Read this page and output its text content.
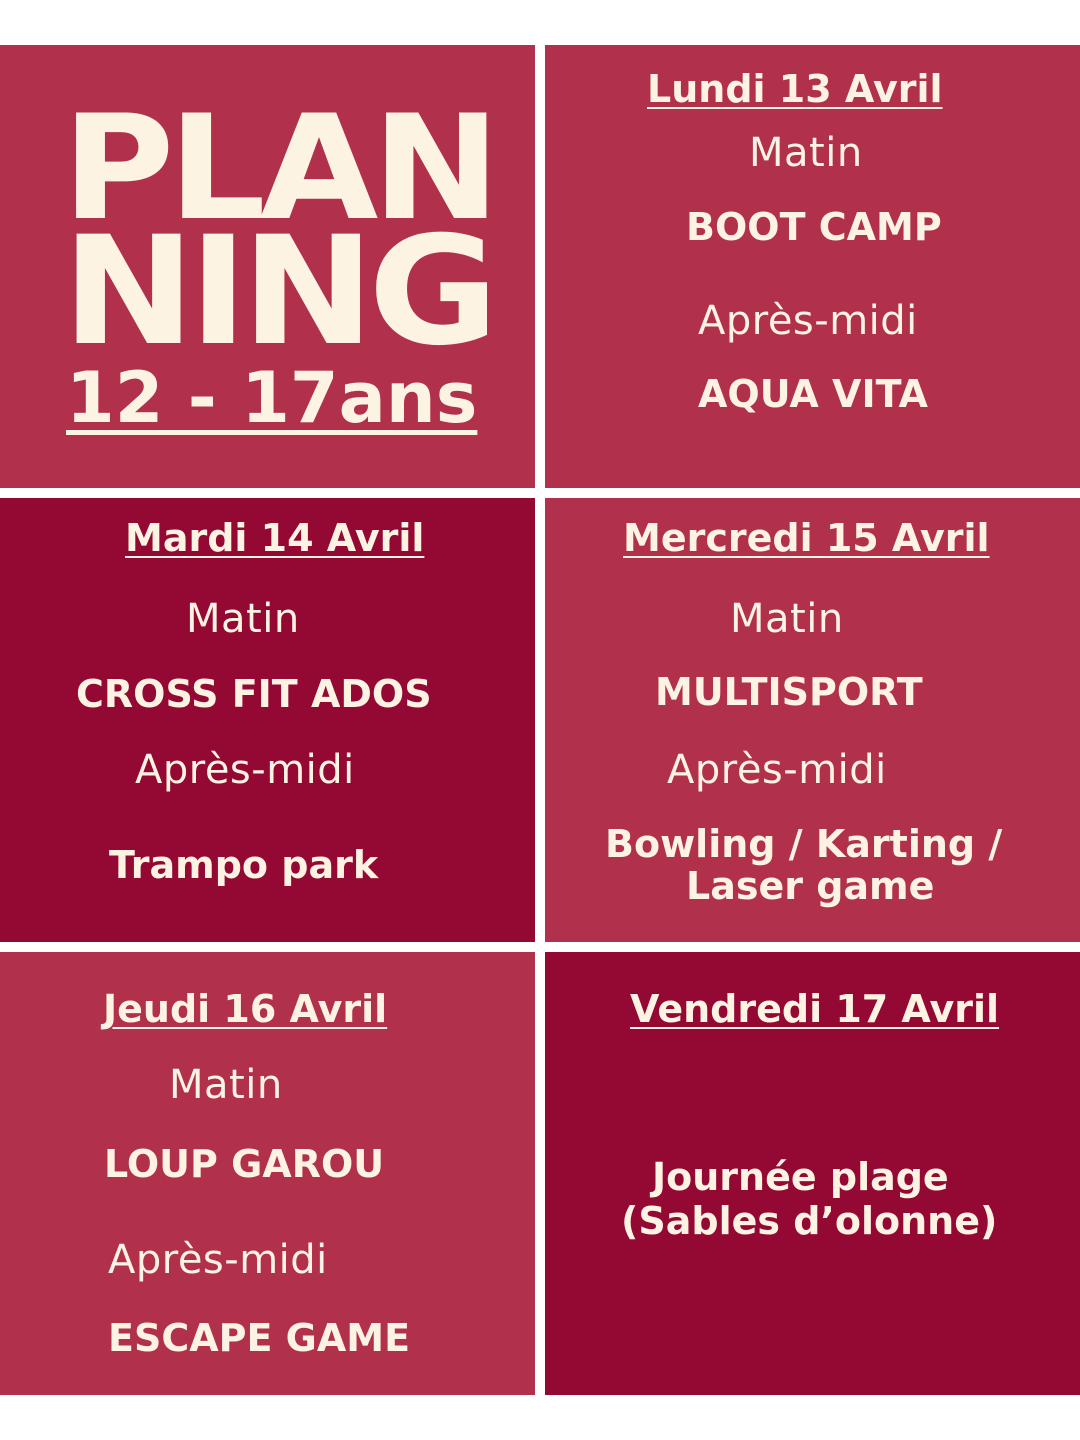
PLAN
NING
12 - 17ans
Lundi 13 Avril
Matin
BOOT CAMP
Après-midi
AQUA VITA
Mardi 14 Avril
Matin
CROSS FIT ADOS
Après-midi
Trampo park
Mercredi 15 Avril
Matin
MULTISPORT
Après-midi
Bowling / Karting /
Laser game
Jeudi 16 Avril
Matin
LOUP GAROU
Après-midi
ESCAPE GAME
Vendredi 17 Avril
Journée plage
(Sables d’olonne)
